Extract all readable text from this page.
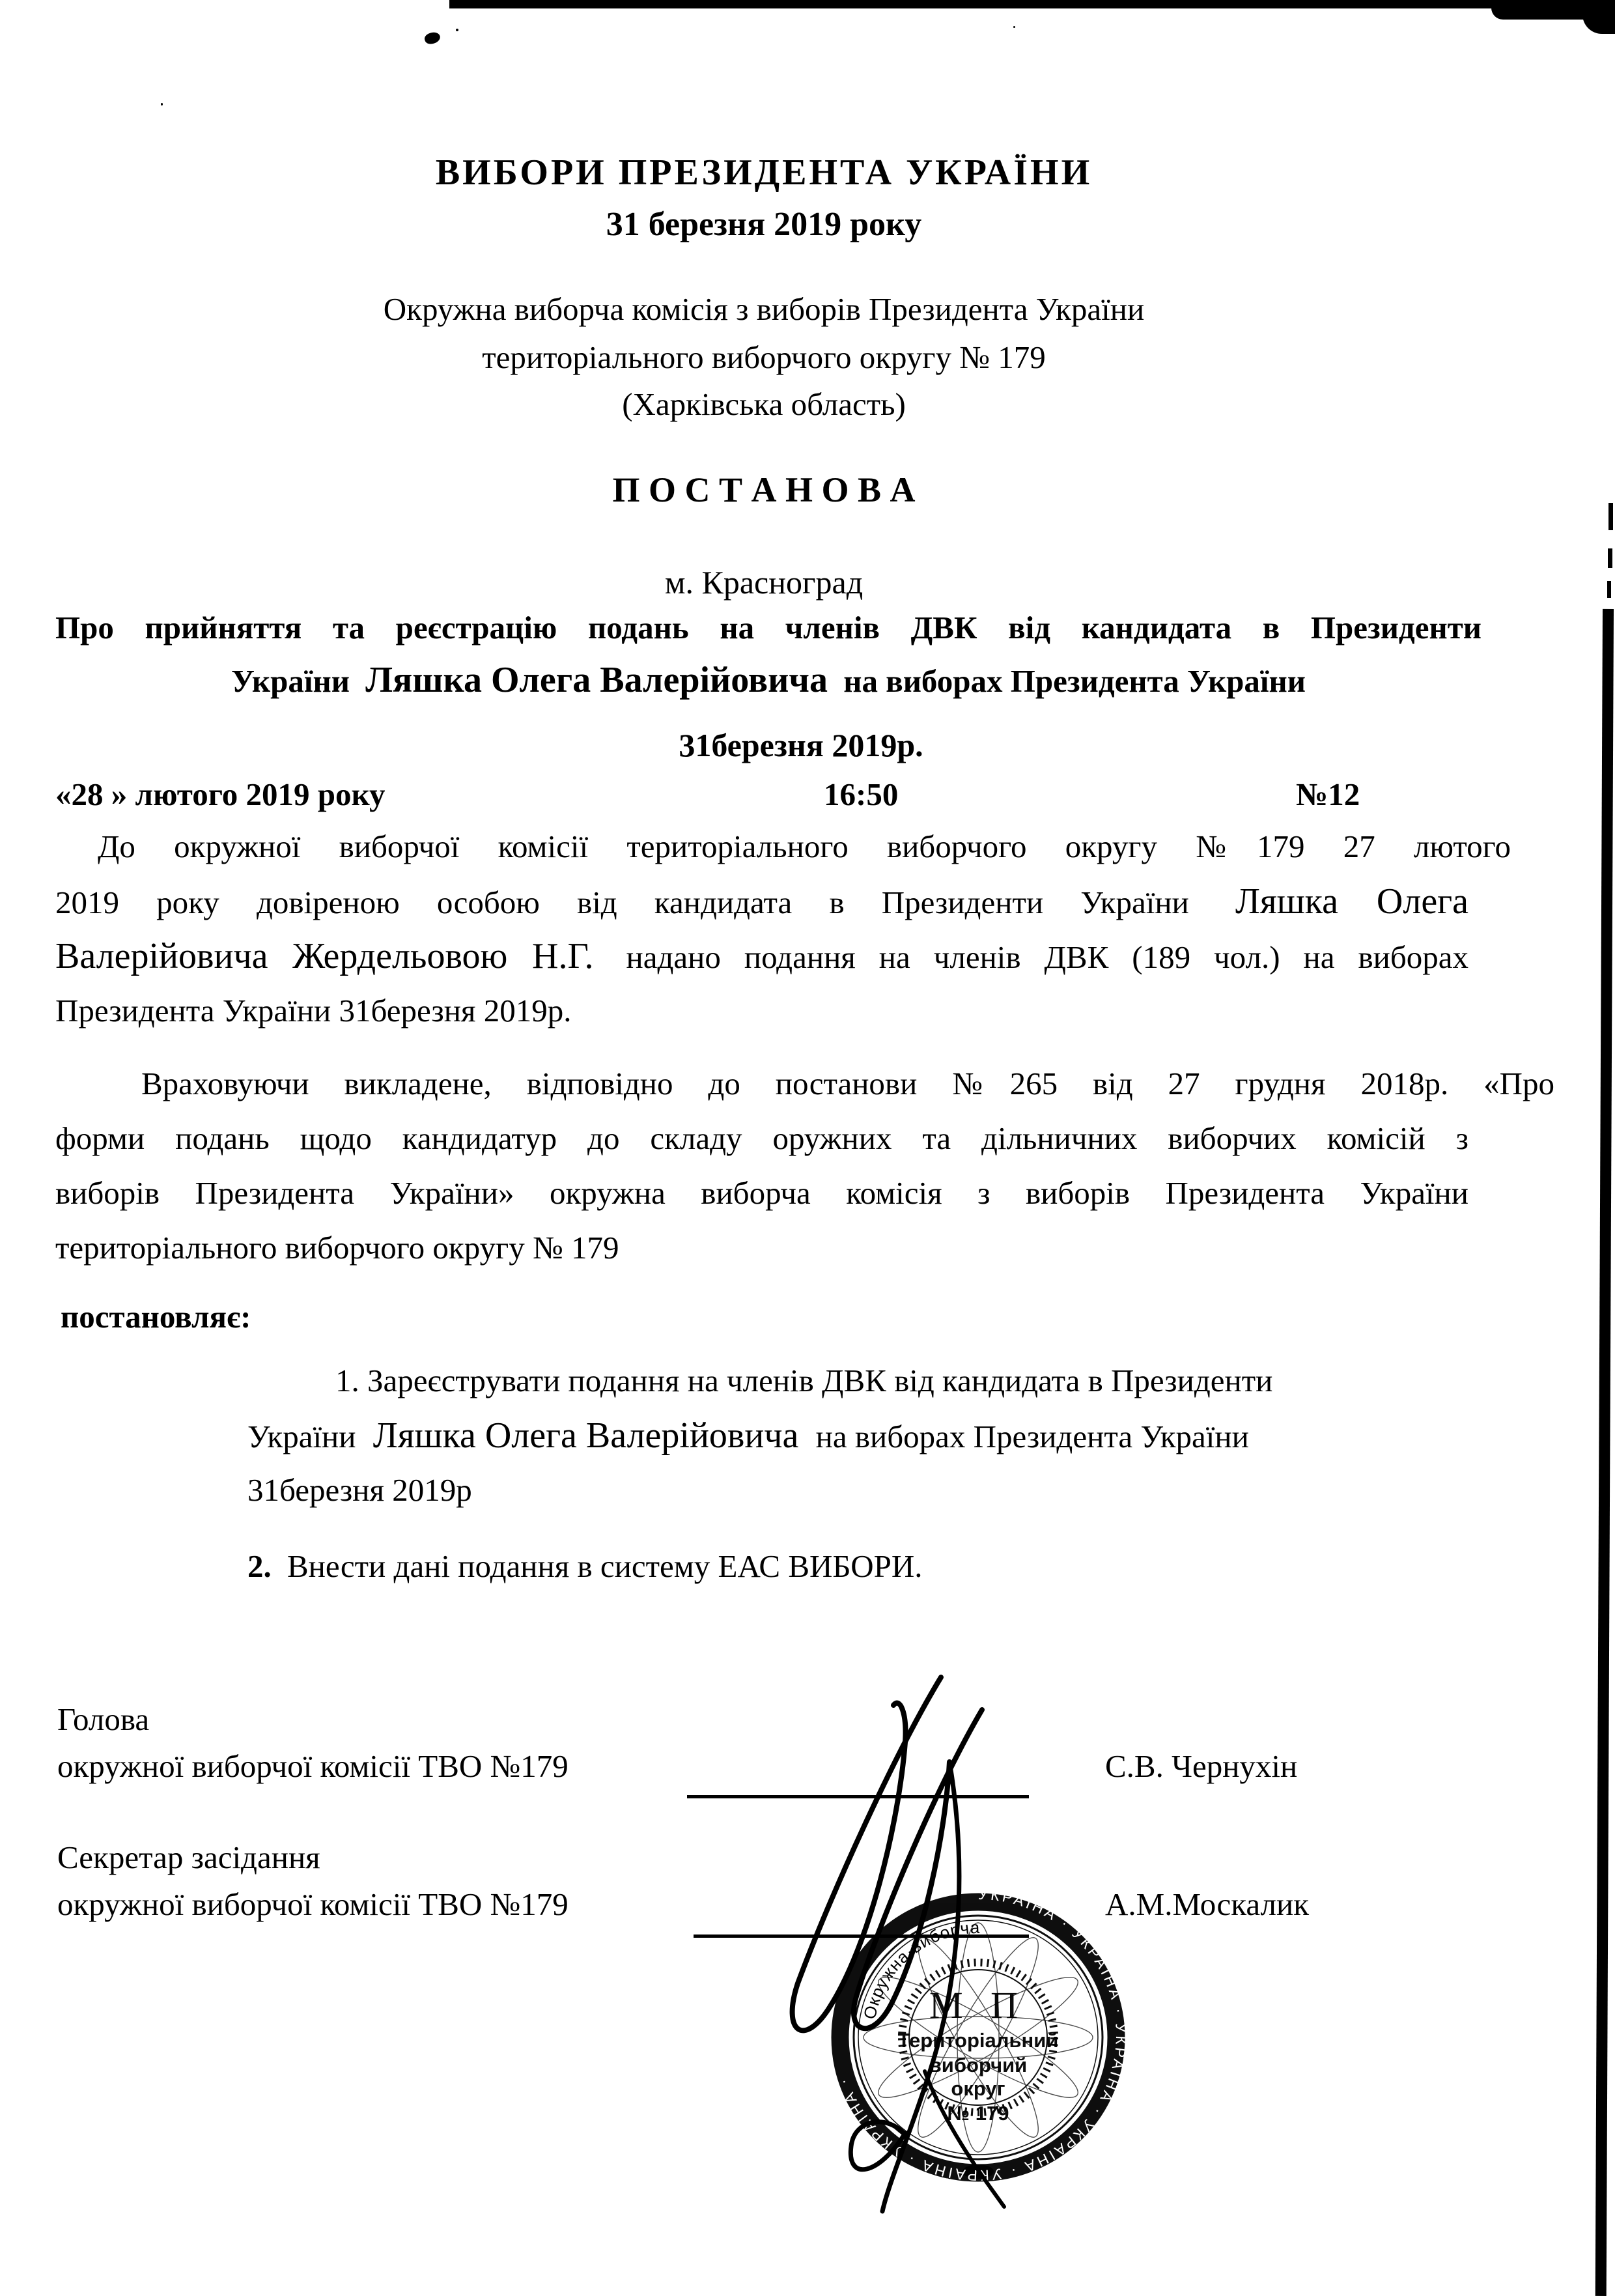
ВИБОРИ ПРЕЗИДЕНТА УКРАЇНИ
31 березня 2019 року
Окружна виборча комісія з виборів Президента України
територіального виборчого округу № 179
(Харківська область)
П О С Т А Н О В А
м. Красноград
Про прийняття та реєстрацію подань на членів ДВК від кандидата в Президенти
України Ляшка Олега Валерійовича на виборах Президента України
31березня 2019р.
«28 » лютого 2019 року	16:50	№12
До окружної виборчої комісії територіального виборчого округу №179 27 лютого
2019 року довіреною особою від кандидата в Президенти України Ляшка Олега
Валерійовича Жердельовою Н.Г. надано подання на членів ДВК (189 чол.) на виборах
Президента України 31березня 2019р.
Враховуючи викладене, відповідно до постанови №265 від 27 грудня 2018р. «Про
форми подань щодо кандидатур до складу оружних та дільничних виборчих комісій з
виборів Президента України» окружна виборча комісія з виборів Президента України
територіального виборчого округу № 179
постановляє:
1. Зареєструвати подання на членів ДВК від кандидата в Президенти
України Ляшка Олега Валерійовича на виборах Президента України
31березня 2019р
2. Внести дані подання в систему ЕАС ВИБОРИ.
Голова
окружної виборчої комісії ТВО №179	С.В. Чернухін
Секретар засідання
окружної виборчої комісії ТВО №179	А.М.Москалик
УКРАЇНА · УКРАЇНА · УКРАЇНА · УКРАЇНА · УКРАЇНА · УКРАЇНА ·
Окружна·виборча·комісія з·виборів·Президента·України · Україна·Харківська·область
М П
Територіальний
виборчий
округ
№ 179
